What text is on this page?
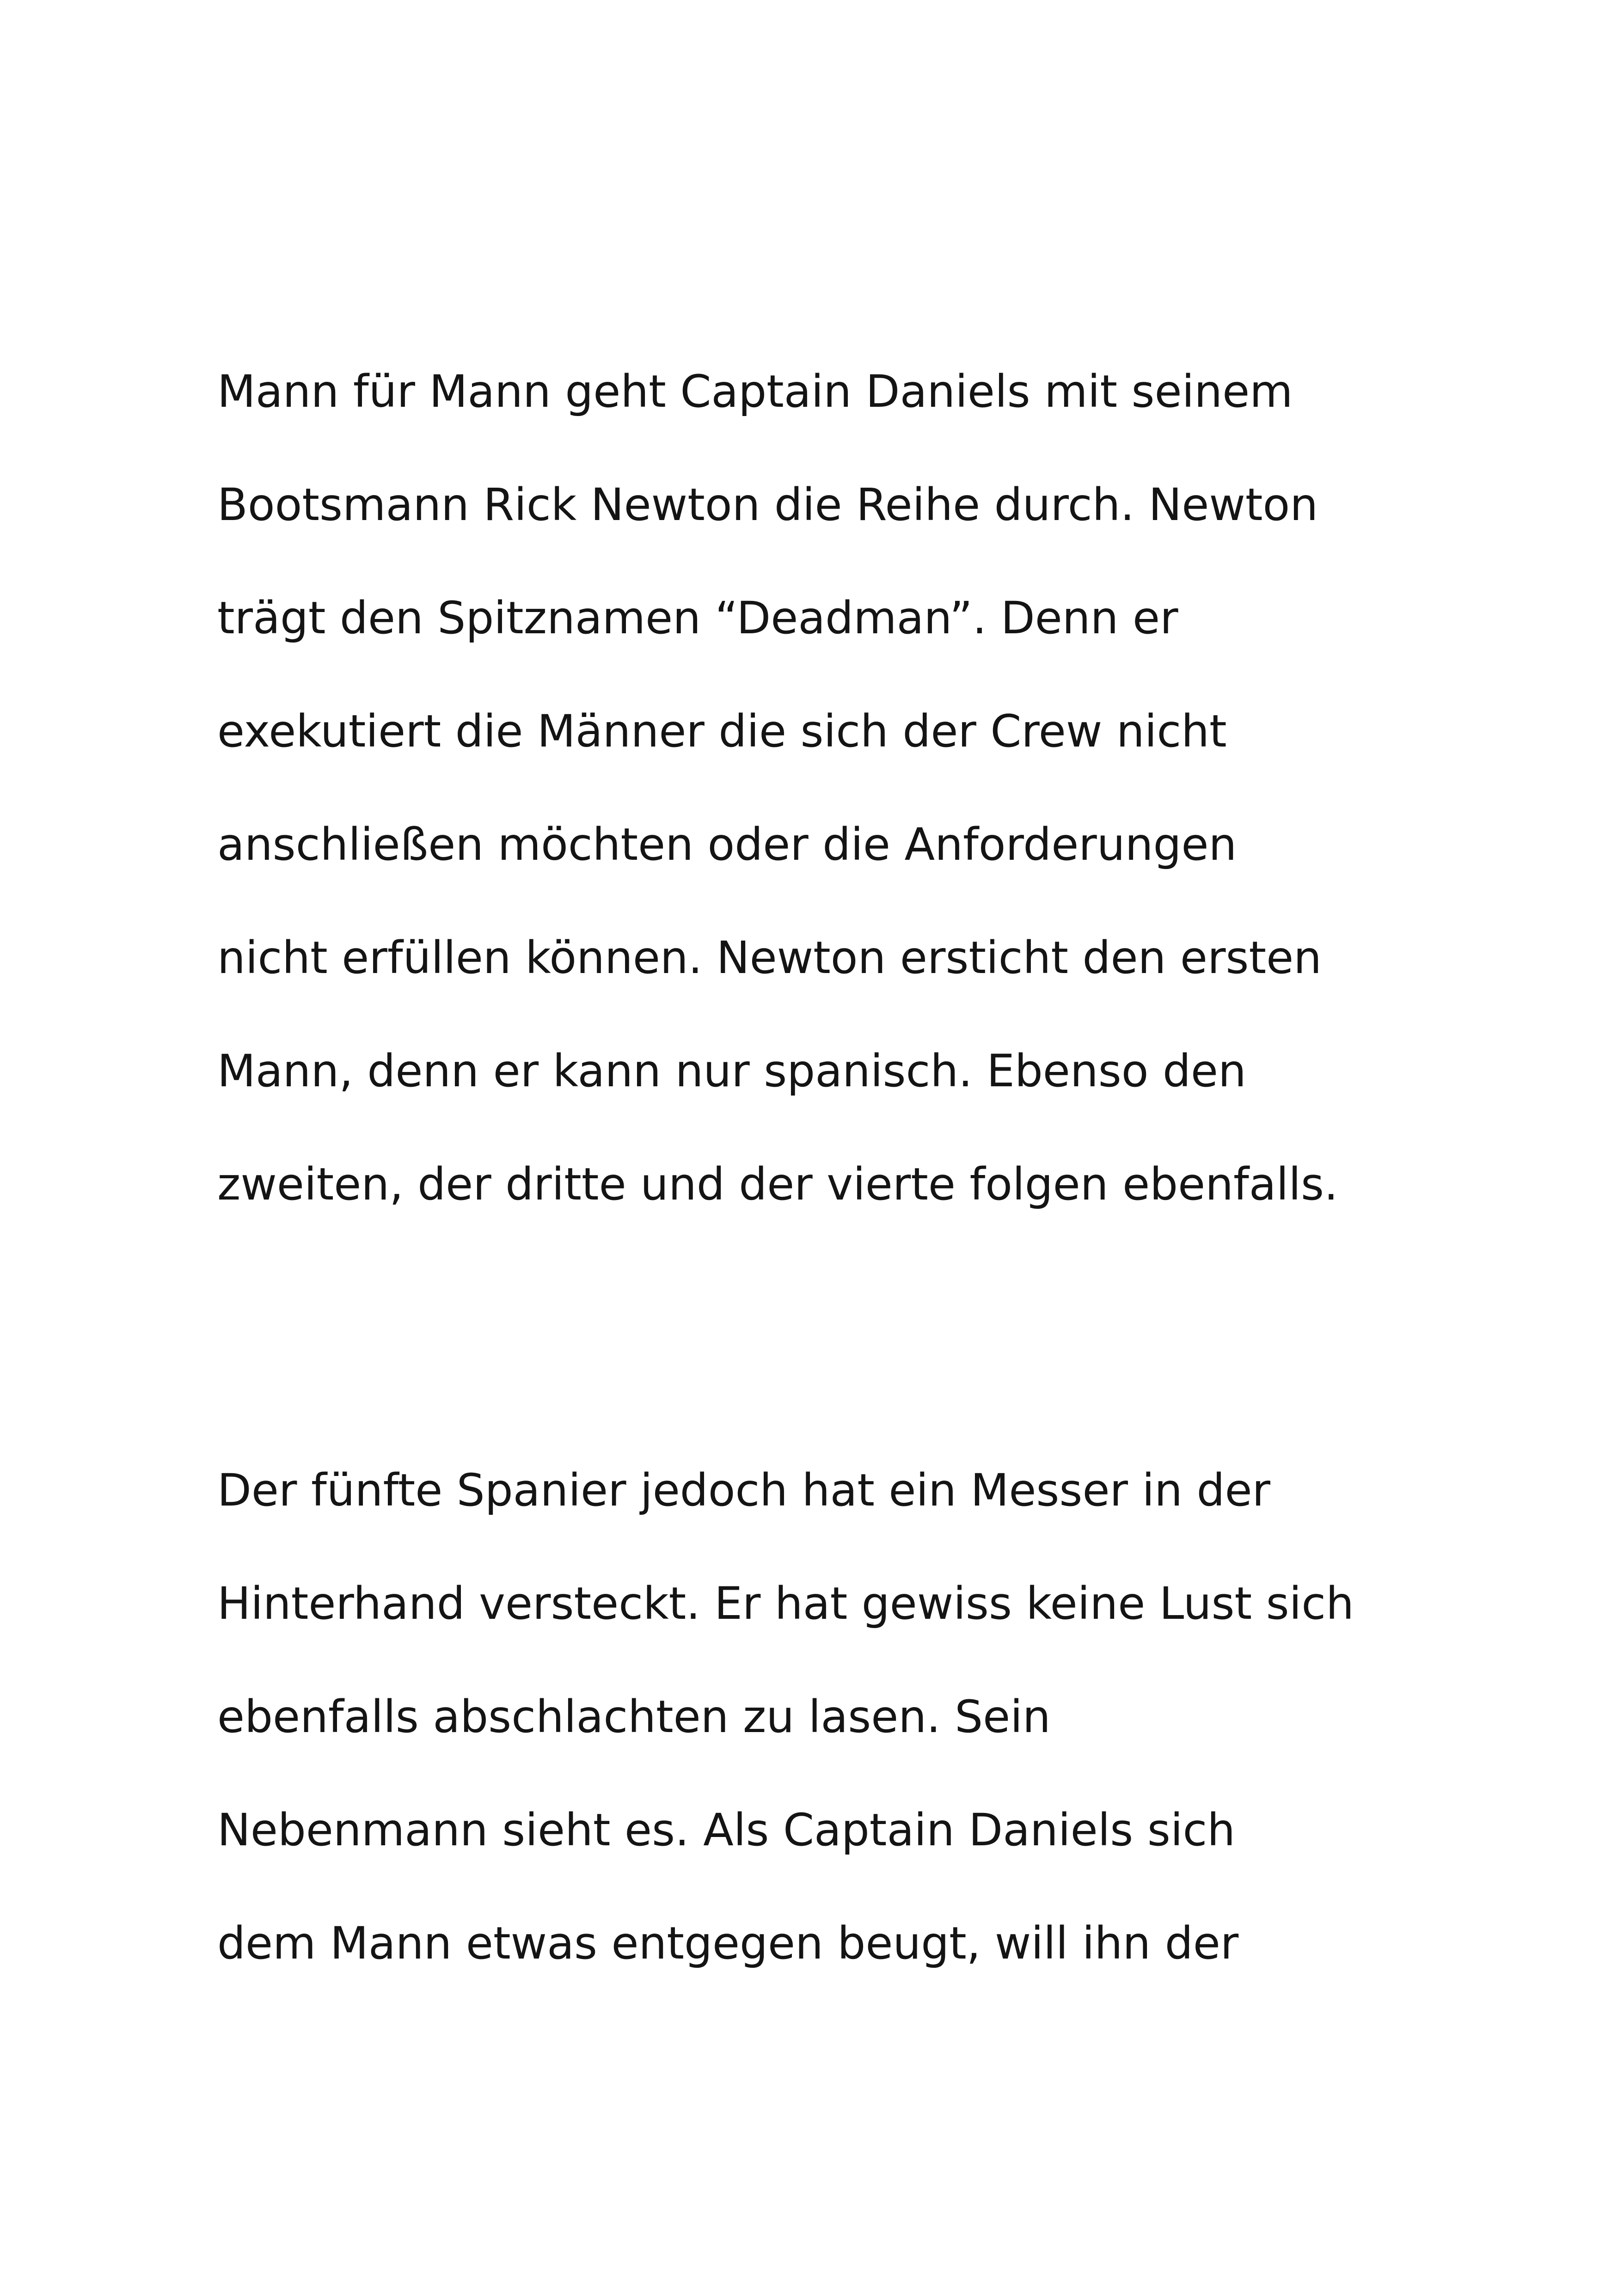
Mann für Mann geht Captain Daniels mit seinem

Bootsmann Rick Newton die Reihe durch. Newton

trägt den Spitznamen “Deadman”. Denn er

exekutiert die Männer die sich der Crew nicht

anschließen möchten oder die Anforderungen

nicht erfüllen können. Newton ersticht den ersten

Mann, denn er kann nur spanisch. Ebenso den

zweiten, der dritte und der vierte folgen ebenfalls.

Der fünfte Spanier jedoch hat ein Messer in der

Hinterhand versteckt. Er hat gewiss keine Lust sich

ebenfalls abschlachten zu lasen. Sein

Nebenmann sieht es. Als Captain Daniels sich

dem Mann etwas entgegen beugt, will ihn der
